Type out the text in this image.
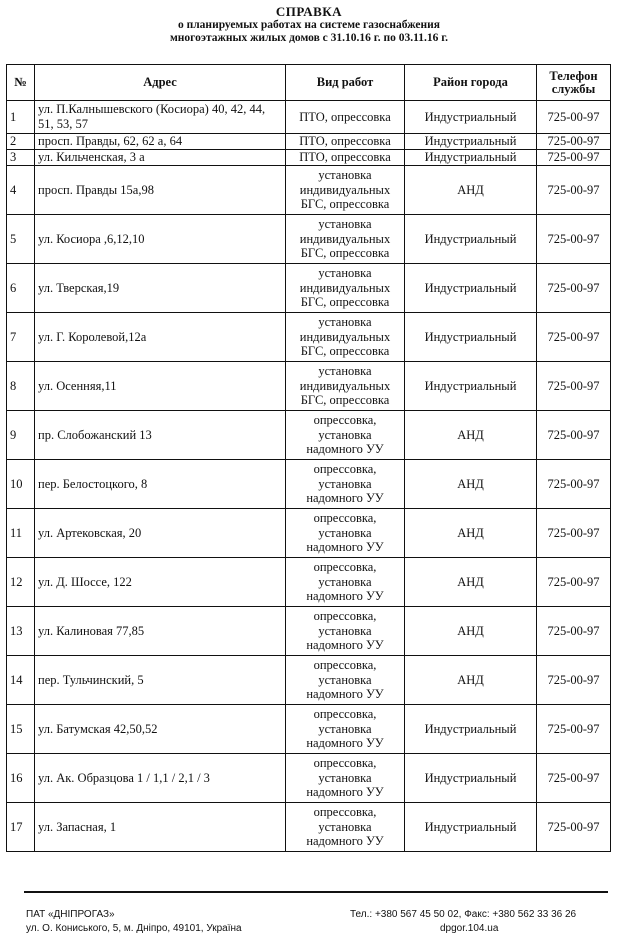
СПРАВКА
о планируемых работах на системе газоснабжения
многоэтажных жилых домов с 31.10.16 г. по 03.11.16 г.
№	Адрес	Вид работ	Район города	Телефон службы
1	ул. П.Калнышевского (Косиора) 40, 42, 44, 51, 53, 57	ПТО, опрессовка	Индустриальный	725-00-97
2	просп. Правды, 62, 62 а, 64	ПТО, опрессовка	Индустриальный	725-00-97
3	ул. Кильченская, 3 а	ПТО, опрессовка	Индустриальный	725-00-97
4	просп. Правды 15а,98	установка индивидуальных БГС, опрессовка	АНД	725-00-97
5	ул. Косиора ,6,12,10	установка индивидуальных БГС, опрессовка	Индустриальный	725-00-97
6	ул. Тверская,19	установка индивидуальных БГС, опрессовка	Индустриальный	725-00-97
7	ул. Г. Королевой,12а	установка индивидуальных БГС, опрессовка	Индустриальный	725-00-97
8	ул. Осенняя,11	установка индивидуальных БГС, опрессовка	Индустриальный	725-00-97
9	пр. Слобожанский 13	опрессовка, установка надомного УУ	АНД	725-00-97
10	пер. Белостоцкого, 8	опрессовка, установка надомного УУ	АНД	725-00-97
11	ул. Артековская, 20	опрессовка, установка надомного УУ	АНД	725-00-97
12	ул. Д. Шоссе, 122	опрессовка, установка надомного УУ	АНД	725-00-97
13	ул. Калиновая 77,85	опрессовка, установка надомного УУ	АНД	725-00-97
14	пер. Тульчинский, 5	опрессовка, установка надомного УУ	АНД	725-00-97
15	ул. Батумская 42,50,52	опрессовка, установка надомного УУ	Индустриальный	725-00-97
16	ул. Ак. Образцова 1 / 1,1 / 2,1 / 3	опрессовка, установка надомного УУ	Индустриальный	725-00-97
17	ул. Запасная, 1	опрессовка, установка надомного УУ	Индустриальный	725-00-97
ПАТ «ДНІПРОГАЗ»
ул. О. Кониського, 5, м. Дніпро, 49101, Україна
Тел.: +380 567 45 50 02, Факс: +380 562 33 36 26
dpgor.104.ua
